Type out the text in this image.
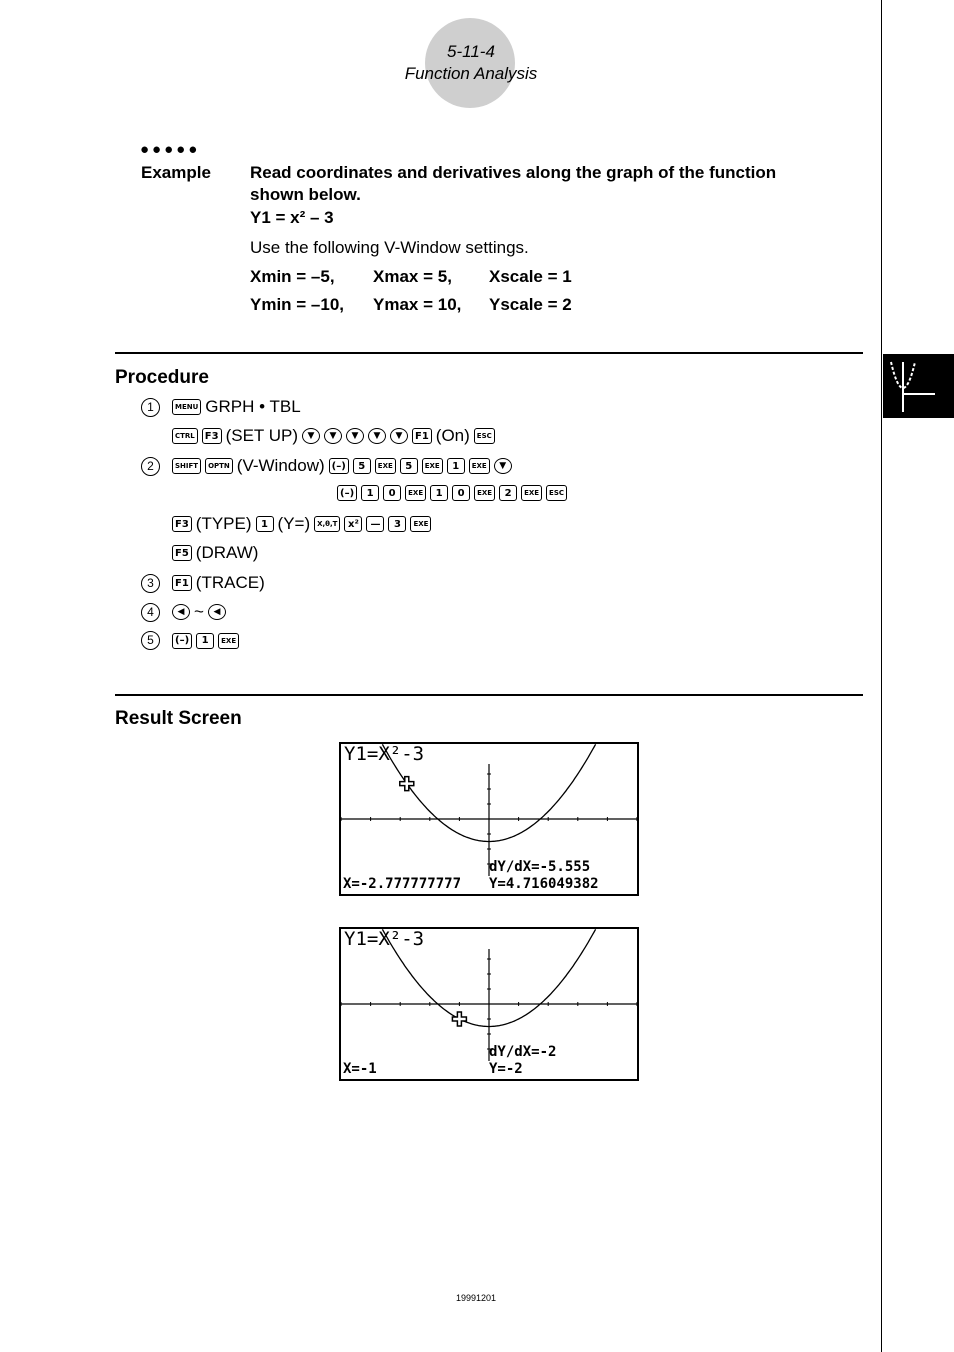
5-11-4
Function Analysis
●●●●●
Example Read coordinates and derivatives along the graph of the function
shown below.
Y1 = x² – 3
Use the following V-Window settings.
Xmin = –5, Xmax = 5, Xscale = 1
Ymin = –10, Ymax = 10, Yscale = 2
Procedure
1	MENU GRPH • TBL
CTRL	F3 (SET UP)	▼	▼	▼	▼	▼	F1 (On)	ESC
2	SHIFT	OPTN (V-Window) (–)	5	EXE	5	EXE	1	EXE	▼
(–)	1	0	EXE	1	0	EXE	2	EXE	ESC
F3 (TYPE) 1 (Y=)	X,θ,T	x²	—	3	EXE
F5 (DRAW)
3	F1 (TRACE)
4	◀ ~	◀
5	(–)	1	EXE
Result Screen
Y1=X²-3
dY/dX=-5.555
X=-2.777777777 Y=4.716049382
Y1=X²-3
dY/dX=-2
X=-1	Y=-2
19991201
